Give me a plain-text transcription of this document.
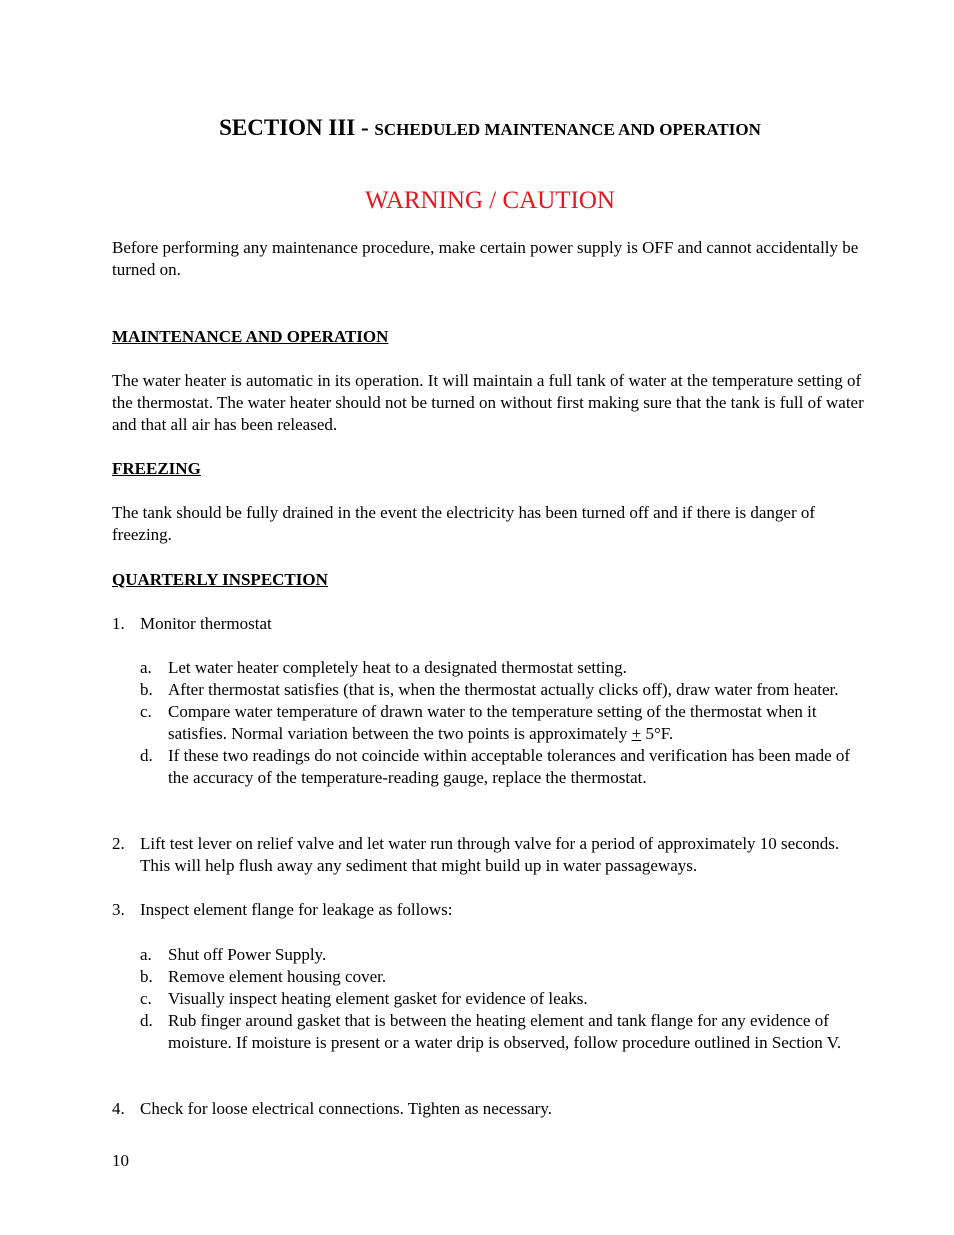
SECTION III - SCHEDULED MAINTENANCE AND OPERATION
WARNING / CAUTION
Before performing any maintenance procedure, make certain power supply is OFF and cannot accidentally be turned on.
MAINTENANCE AND OPERATION
The water heater is automatic in its operation. It will maintain a full tank of water at the temperature setting of the thermostat. The water heater should not be turned on without first making sure that the tank is full of water and that all air has been released.
FREEZING
The tank should be fully drained in the event the electricity has been turned off and if there is danger of freezing.
QUARTERLY INSPECTION
1. Monitor thermostat
a. Let water heater completely heat to a designated thermostat setting.
b. After thermostat satisfies (that is, when the thermostat actually clicks off), draw water from heater.
c. Compare water temperature of drawn water to the temperature setting of the thermostat when it satisfies. Normal variation between the two points is approximately + 5°F.
d. If these two readings do not coincide within acceptable tolerances and verification has been made of the accuracy of the temperature-reading gauge, replace the thermostat.
2. Lift test lever on relief valve and let water run through valve for a period of approximately 10 seconds. This will help flush away any sediment that might build up in water passageways.
3. Inspect element flange for leakage as follows:
a. Shut off Power Supply.
b. Remove element housing cover.
c. Visually inspect heating element gasket for evidence of leaks.
d. Rub finger around gasket that is between the heating element and tank flange for any evidence of moisture. If moisture is present or a water drip is observed, follow procedure outlined in Section V.
4. Check for loose electrical connections. Tighten as necessary.
10
